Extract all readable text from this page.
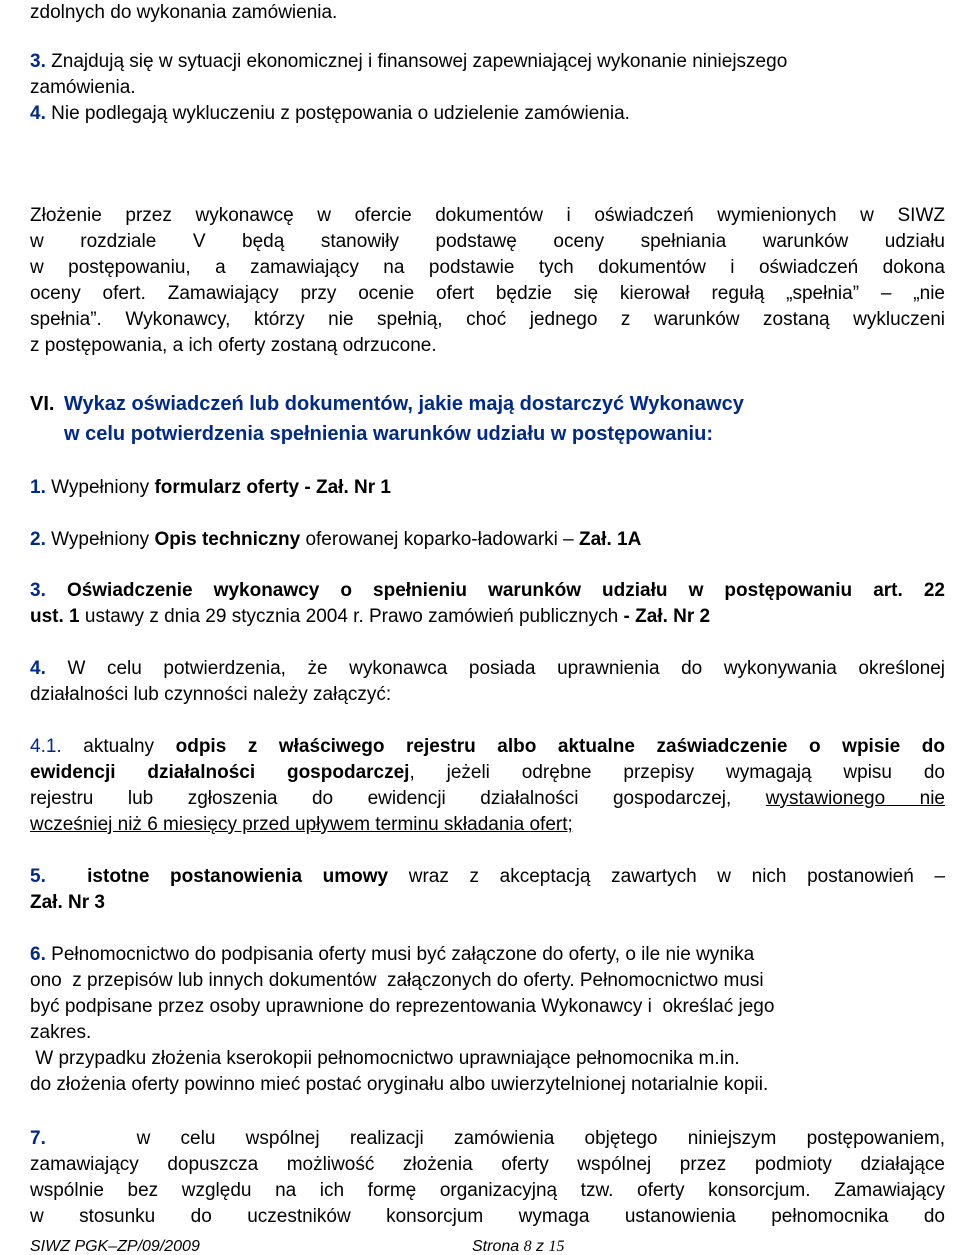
zdolnych do wykonania zamówienia.

3. Znajdują się w sytuacji ekonomicznej i finansowej zapewniającej wykonanie niniejszego

zamówienia.

4. Nie podlegają wykluczeniu z postępowania o udzielenie zamówienia.

Złożenie przez wykonawcę w ofercie dokumentów i oświadczeń wymienionych w SIWZ

w rozdziale V będą stanowiły podstawę oceny spełniania warunków udziału

w postępowaniu, a zamawiający na podstawie tych dokumentów i oświadczeń dokona

oceny ofert. Zamawiający przy ocenie ofert będzie się kierował regułą „spełnia” – „nie

spełnia”. Wykonawcy, którzy nie spełnią, choć jednego z warunków zostaną wykluczeni

z postępowania, a ich oferty zostaną odrzucone.

VI. Wykaz oświadczeń lub dokumentów, jakie mają dostarczyć Wykonawcy

w celu potwierdzenia spełnienia warunków udziału w postępowaniu:

1. Wypełniony formularz oferty - Zał. Nr 1

2. Wypełniony Opis techniczny oferowanej koparko-ładowarki – Zał. 1A

3. Oświadczenie wykonawcy o spełnieniu warunków udziału w postępowaniu art. 22

ust. 1 ustawy z dnia 29 stycznia 2004 r. Prawo zamówień publicznych - Zał. Nr 2

4. W celu potwierdzenia, że wykonawca posiada uprawnienia do wykonywania określonej

działalności lub czynności należy załączyć:

4.1. aktualny odpis z właściwego rejestru albo aktualne zaświadczenie o wpisie do

ewidencji działalności gospodarczej, jeżeli odrębne przepisy wymagają wpisu do

rejestru lub zgłoszenia do ewidencji działalności gospodarczej, wystawionego nie

wcześniej niż 6 miesięcy przed upływem terminu składania ofert;

5. istotne postanowienia umowy wraz z akceptacją zawartych w nich postanowień –

Zał. Nr 3

6. Pełnomocnictwo do podpisania oferty musi być załączone do oferty, o ile nie wynika

ono  z przepisów lub innych dokumentów  załączonych do oferty. Pełnomocnictwo musi

być podpisane przez osoby uprawnione do reprezentowania Wykonawcy i  określać jego

zakres.

W przypadku złożenia kserokopii pełnomocnictwo uprawniające pełnomocnika m.in.

do złożenia oferty powinno mieć postać oryginału albo uwierzytelnionej notarialnie kopii.

7.	w celu wspólnej realizacji zamówienia objętego niniejszym postępowaniem,

zamawiający dopuszcza możliwość złożenia oferty wspólnej przez podmioty działające

wspólnie bez względu na ich formę organizacyjną tzw. oferty konsorcjum. Zamawiający

w stosunku do uczestników konsorcjum wymaga ustanowienia pełnomocnika do

SIWZ PGK–ZP/09/2009	Strona 8 z 15
